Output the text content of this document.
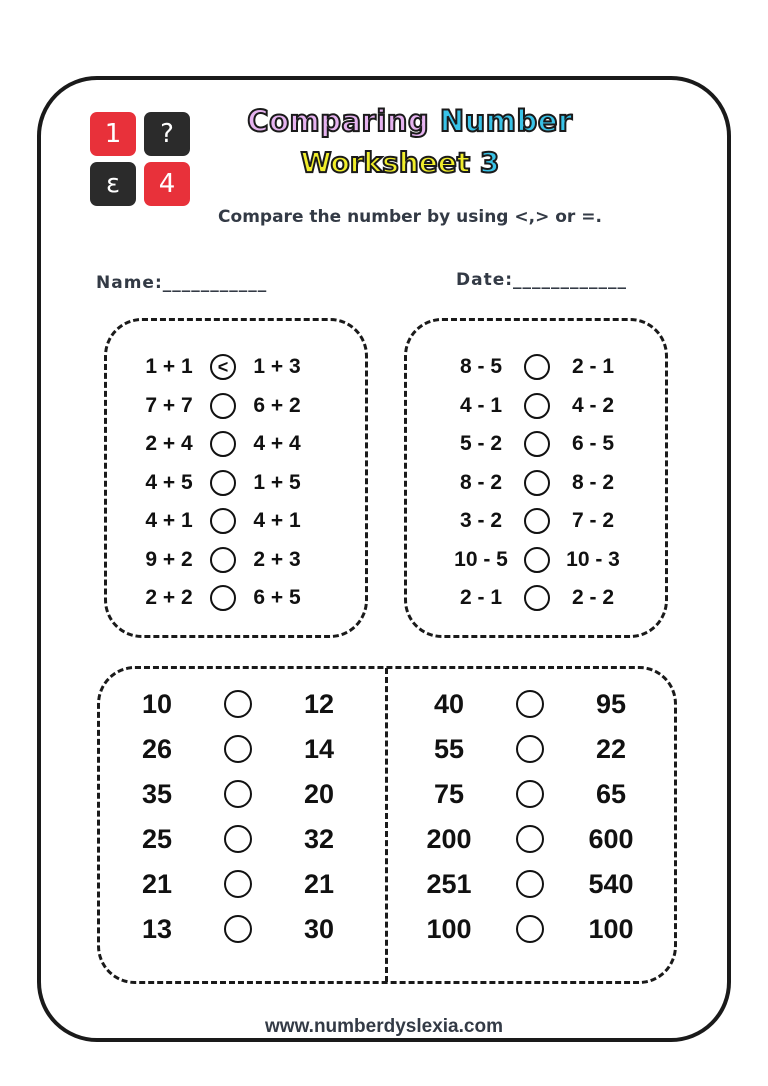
1	?
ε	4
Comparing Number
Worksheet 3
Compare the number by using <,> or =.
Name:___________	Date:____________
1 + 1	<	1 + 3
7 + 7	6 + 2
2 + 4	4 + 4
4 + 5	1 + 5
4 + 1	4 + 1
9 + 2	2 + 3
2 + 2	6 + 5
8 - 5	2 - 1
4 - 1	4 - 2
5 - 2	6 - 5
8 - 2	8 - 2
3 - 2	7 - 2
10 - 5	10 - 3
2 - 1	2 - 2
10	12
26	14
35	20
25	32
21	21
13	30
40	95
55	22
75	65
200	600
251	540
100	100
www.numberdyslexia.com
